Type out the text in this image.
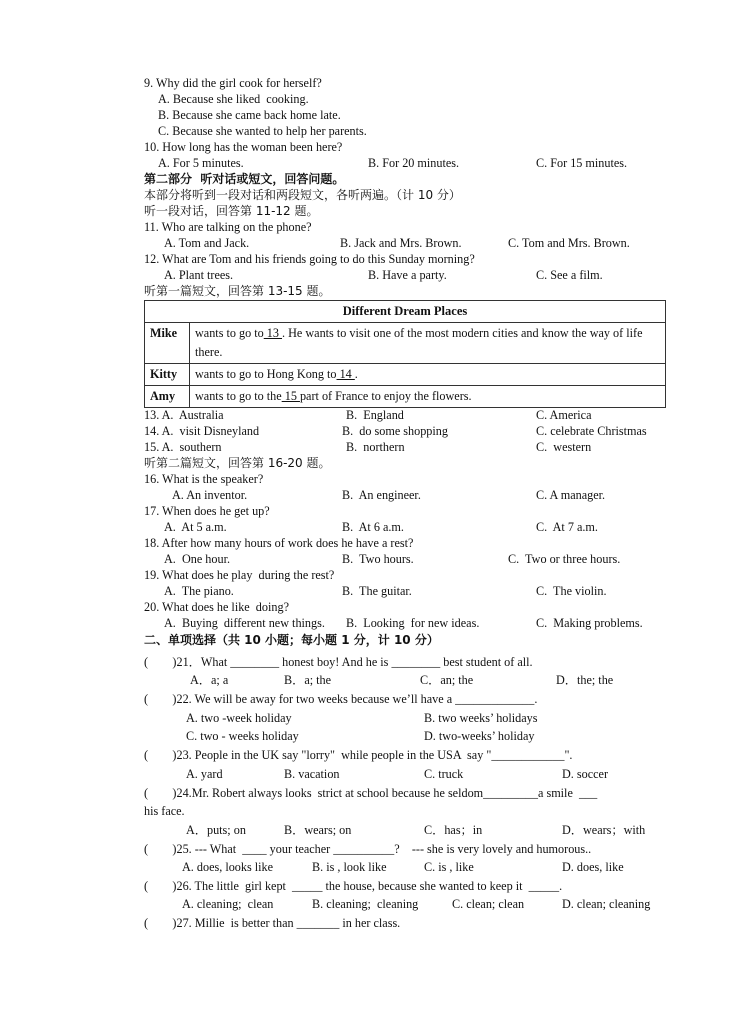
9. Why did the girl cook for herself?
A. Because she liked  cooking.
B. Because she came back home late.
C. Because she wanted to help her parents.
10. How long has the woman been here?
A. For 5 minutes.	B. For 20 minutes.	C. For 15 minutes.
第二部分  听对话或短文，回答问题。
本部分将听到一段对话和两段短文，各听两遍。（计 10 分）
听一段对话，回答第 11-12 题。
11. Who are talking on the phone?
A. Tom and Jack.	B. Jack and Mrs. Brown.	C. Tom and Mrs. Brown.
12. What are Tom and his friends going to do this Sunday morning?
A. Plant trees.	B. Have a party.	C. See a film.
听第一篇短文，回答第 13-15 题。
Different Dream Places	
Mike	wants to go to 13 . He wants to visit one of the most modern cities and know the way of life there.
Kitty	wants to go to Hong Kong to 14 .
Amy	wants to go to the 15 part of France to enjoy the flowers.
13. A.  Australia	B.  England	C. America
14. A.  visit Disneyland	B.  do some shopping	C. celebrate Christmas
15. A.  southern	B.  northern	C.  western
听第二篇短文，回答第 16-20 题。
16. What is the speaker?
A. An inventor.	B.  An engineer.	C. A manager.
17. When does he get up?
A.  At 5 a.m.	B.  At 6 a.m.	C.  At 7 a.m.
18. After how many hours of work does he have a rest?
A.  One hour.	B.  Two hours.	C.  Two or three hours.
19. What does he play  during the rest?
A.  The piano.	B.  The guitar.	C.  The violin.
20. What does he like  doing?
A.  Buying  different new things. B.  Looking  for new ideas.	C.  Making problems.
二、单项选择（共 10 小题；每小题 1 分，计 10 分）
(        )21．What ________ honest boy! And he is ________ best student of all.
A．a; a	B．a; the	C．an; the	D．the; the
(        )22. We will be away for two weeks because we’ll have a _____________.
A. two -week holiday	B. two weeks’ holidays
C. two - weeks holiday	D. two-weeks’ holiday
(        )23. People in the UK say "lorry"  while people in the USA  say "____________".
A. yard	B. vacation	C. truck	D. soccer
(        )24.Mr. Robert always looks  strict at school because he seldom_________a smile  ___
his face.
A．puts; on	B．wears; on	C．has；in	D．wears；with
(        )25. --- What  ____ your teacher __________?    --- she is very lovely and humorous..
A. does, looks like	B. is , look like	C. is , like	D. does, like
(        )26. The little  girl kept  _____ the house, because she wanted to keep it  _____.
A. cleaning;  clean	B. cleaning;  cleaning	C. clean; clean	D. clean; cleaning
(        )27. Millie  is better than _______ in her class.
